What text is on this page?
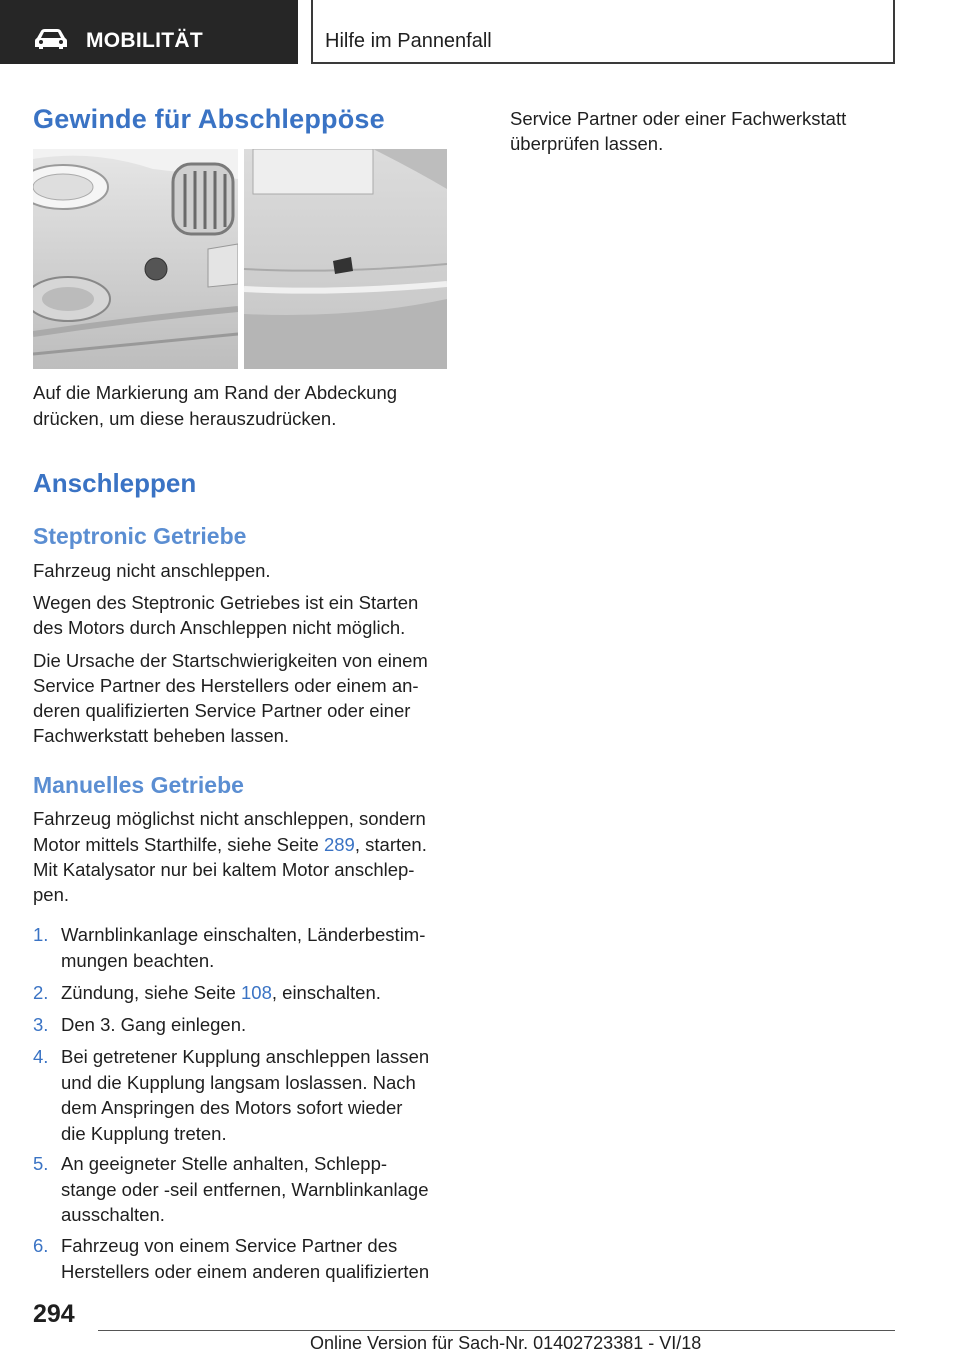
MOBILITÄT	Hilfe im Pannenfall
Gewinde für Abschleppöse

Auf die Markierung am Rand der Abdeckung

drücken, um diese herauszudrücken.

Anschleppen
Steptronic Getriebe

Fahrzeug nicht anschleppen.

Wegen des Steptronic Getriebes ist ein Starten

des Motors durch Anschleppen nicht möglich.

Die Ursache der Startschwierigkeiten von einem

Service Partner des Herstellers oder einem an-

deren qualifizierten Service Partner oder einer

Fachwerkstatt beheben lassen.

Manuelles Getriebe

Fahrzeug möglichst nicht anschleppen, sondern

Motor mittels Starthilfe, siehe Seite 289, starten.

Mit Katalysator nur bei kaltem Motor anschlep-

pen.

1. Warnblinkanlage einschalten, Länderbestim-
mungen beachten.
2. Zündung, siehe Seite 108, einschalten.
3. Den 3. Gang einlegen.
4. Bei getretener Kupplung anschleppen lassen
und die Kupplung langsam loslassen. Nach
dem Anspringen des Motors sofort wieder
die Kupplung treten.
5. An geeigneter Stelle anhalten, Schlepp-
stange oder -seil entfernen, Warnblinkanlage
ausschalten.
6. Fahrzeug von einem Service Partner des
Herstellers oder einem anderen qualifizierten

Service Partner oder einer Fachwerkstatt

überprüfen lassen.

294
Online Version für Sach-Nr. 01402723381 - VI/18
